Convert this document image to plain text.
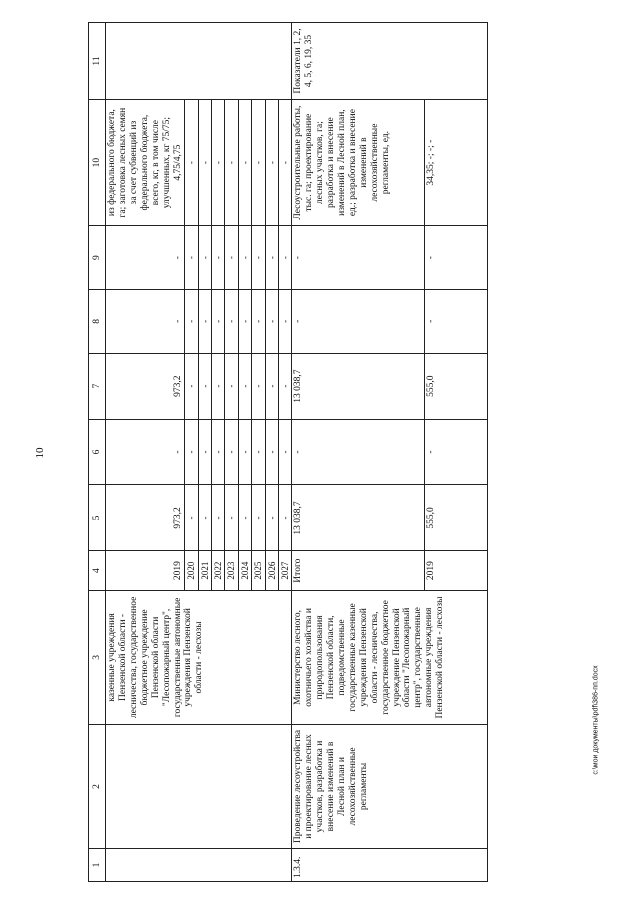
10
c:\мои документы\pdf\386-пп.docx
1	2	3	4	5	6	7	8	9	10	11
		казенные учреждения Пензенской области - лесничества, государственное бюджетное учреждение Пензенской области "Лесопожарный центр", государственные автономные учреждения Пензенской области - лесхозы	2019	973,2	-	973,2	-	-	из федерального бюджета, га; заготовка лесных семян за счет субвенций из федерального бюджета, всего, кг, в том числе улучшенных, кг 75/75; 4,75/4,75	
			2020	-	-	-	-	-	-	
			2021	-	-	-	-	-	-	
			2022	-	-	-	-	-	-	
			2023	-	-	-	-	-	-	
			2024	-	-	-	-	-	-	
			2025	-	-	-	-	-	-	
			2026	-	-	-	-	-	-	
			2027	-	-	-	-	-	-	
1.3.4.	Проведение лесоустройства и проектирование лесных участков, разработка и внесение изменений в Лесной план и лесохозяйственные регламенты	Министерство лесного, охотничьего хозяйства и природопользования Пензенской области, подведомственные государственные казенные учреждения Пензенской области - лесничества, государственное бюджетное учреждение Пензенской области "Лесопожарный центр", государственные автономные учреждения Пензенской области - лесхозы	Итого	13 038,7	-	13 038,7	-	-	Лесоустроительные работы, тыс. га; проектирование лесных участков, га; разработка и внесение изменений в Лесной план, ед.; разработка и внесение изменений в лесохозяйственные регламенты, ед.	Показатели 1, 2, 4, 5, 6, 19, 35
			2019	555,0	-	555,0	-	-	34,35; -; -; -	
